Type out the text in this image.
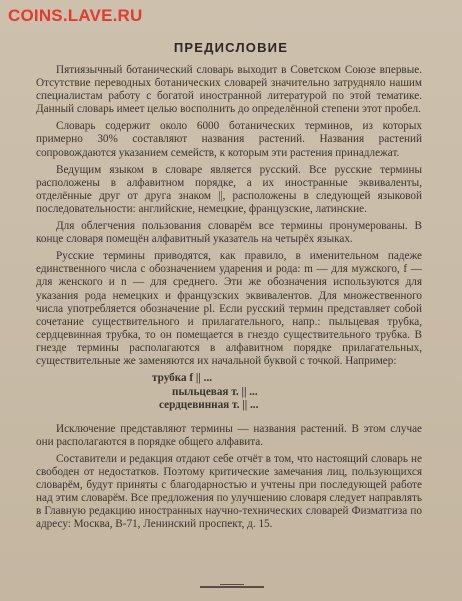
COINS.LAVE.RU
ПРЕДИСЛОВИЕ

Пятиязычный ботанический словарь выходит в Советском Союзе впервые. Отсутствие переводных ботанических словарей значительно затрудняло нашим специалистам работу с богатой иностранной литературой по этой тематике. Данный словарь имеет целью восполнить до определённой степени этот пробел.

Словарь содержит около 6000 ботанических терминов, из которых примерно 30% составляют названия растений. Названия растений сопровождаются указанием семейств, к которым эти растения принадлежат.

Ведущим языком в словаре является русский. Все русские термины расположены в алфавитном порядке, а их иностранные эквиваленты, отделённые друг от друга знаком ||, расположены в следующей языковой последовательности: английские, немецкие, французские, латинские.

Для облегчения пользования словарём все термины пронумерованы. В конце словаря помещён алфавитный указатель на четырёх языках.

Русские термины приводятся, как правило, в именительном падеже единственного числа с обозначением ударения и рода: m — для мужского, f — для женского и n — для среднего. Эти же обозначения используются для указания рода немецких и французских эквивалентов. Для множественного числа употребляется обозначение pl. Если русский термин представляет собой сочетание существительного и прилагательного, напр.: пыльцевая трубка, сердцевинная трубка, то он помещается в гнездо существительного трубка. В гнезде термины располагаются в алфавитном порядке прилагательных, существительные же заменяются их начальной буквой с точкой. Например:

трубка f || ...
пыльцевая т. || ...
сердцевинная т. || ...

Исключение представляют термины — названия растений. В этом случае они располагаются в порядке общего алфавита.

Составители и редакция отдают себе отчёт в том, что настоящий словарь не свободен от недостатков. Поэтому критические замечания лиц, пользующихся словарём, будут приняты с благодарностью и учтены при последующей работе над этим словарём. Все предложения по улучшению словаря следует направлять в Главную редакцию иностранных научно-технических словарей Физматгиза по адресу: Москва, В-71, Ленинский проспект, д. 15.
